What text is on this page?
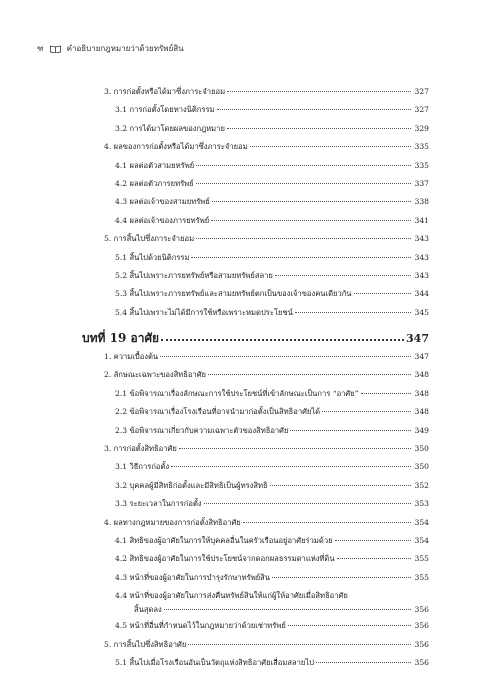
ฑ	คำอธิบายกฎหมายว่าด้วยทรัพย์สิน
3. การก่อตั้งหรือได้มาซึ่งภาระจำยอม	327
3.1 การก่อตั้งโดยทางนิติกรรม	327
3.2 การได้มาโดยผลของกฎหมาย	329
4. ผลของการก่อตั้งหรือได้มาซึ่งภาระจำยอม	335
4.1 ผลต่อตัวสามยทรัพย์	335
4.2 ผลต่อตัวภารยทรัพย์	337
4.3 ผลต่อเจ้าของสามยทรัพย์	338
4.4 ผลต่อเจ้าของภารยทรัพย์	341
5. การสิ้นไปซึ่งภาระจำยอม	343
5.1 สิ้นไปด้วยนิติกรรม	343
5.2 สิ้นไปเพราะภารยทรัพย์หรือสามยทรัพย์สลาย	343
5.3 สิ้นไปเพราะภารยทรัพย์และสามยทรัพย์ตกเป็นของเจ้าของคนเดียวกัน	344
5.4 สิ้นไปเพราะไม่ได้มีการใช้หรือเพราะหมดประโยชน์	345
บทที่ 19 อาศัย	347
1. ความเบื้องต้น	347
2. ลักษณะเฉพาะของสิทธิอาศัย	348
2.1 ข้อพิจารณาเรื่องลักษณะการใช้ประโยชน์ที่เข้าลักษณะเป็นการ “อาศัย”	348
2.2 ข้อพิจารณาเรื่องโรงเรือนที่อาจนำมาก่อตั้งเป็นสิทธิอาศัยได้	348
2.3 ข้อพิจารณาเกี่ยวกับความเฉพาะตัวของสิทธิอาศัย	349
3. การก่อตั้งสิทธิอาศัย	350
3.1 วิธีการก่อตั้ง	350
3.2 บุคคลผู้มีสิทธิก่อตั้งและมีสิทธิเป็นผู้ทรงสิทธิ	352
3.3 ระยะเวลาในการก่อตั้ง	353
4. ผลทางกฎหมายของการก่อตั้งสิทธิอาศัย	354
4.1 สิทธิของผู้อาศัยในการให้บุคคลอื่นในครัวเรือนอยู่อาศัยร่วมด้วย	354
4.2 สิทธิของผู้อาศัยในการใช้ประโยชน์จากดอกผลธรรมดาแห่งที่ดิน	355
4.3 หน้าที่ของผู้อาศัยในการบำรุงรักษาทรัพย์สิน	355
4.4 หน้าที่ของผู้อาศัยในการส่งคืนทรัพย์สินให้แก่ผู้ให้อาศัยเมื่อสิทธิอาศัย
สิ้นสุดลง	356
4.5 หน้าที่อื่นที่กำหนดไว้ในกฎหมายว่าด้วยเช่าทรัพย์	356
5. การสิ้นไปซึ่งสิทธิอาศัย	356
5.1 สิ้นไปเมื่อโรงเรือนอันเป็นวัตถุแห่งสิทธิอาศัยเสื่อมสลายไป	356
